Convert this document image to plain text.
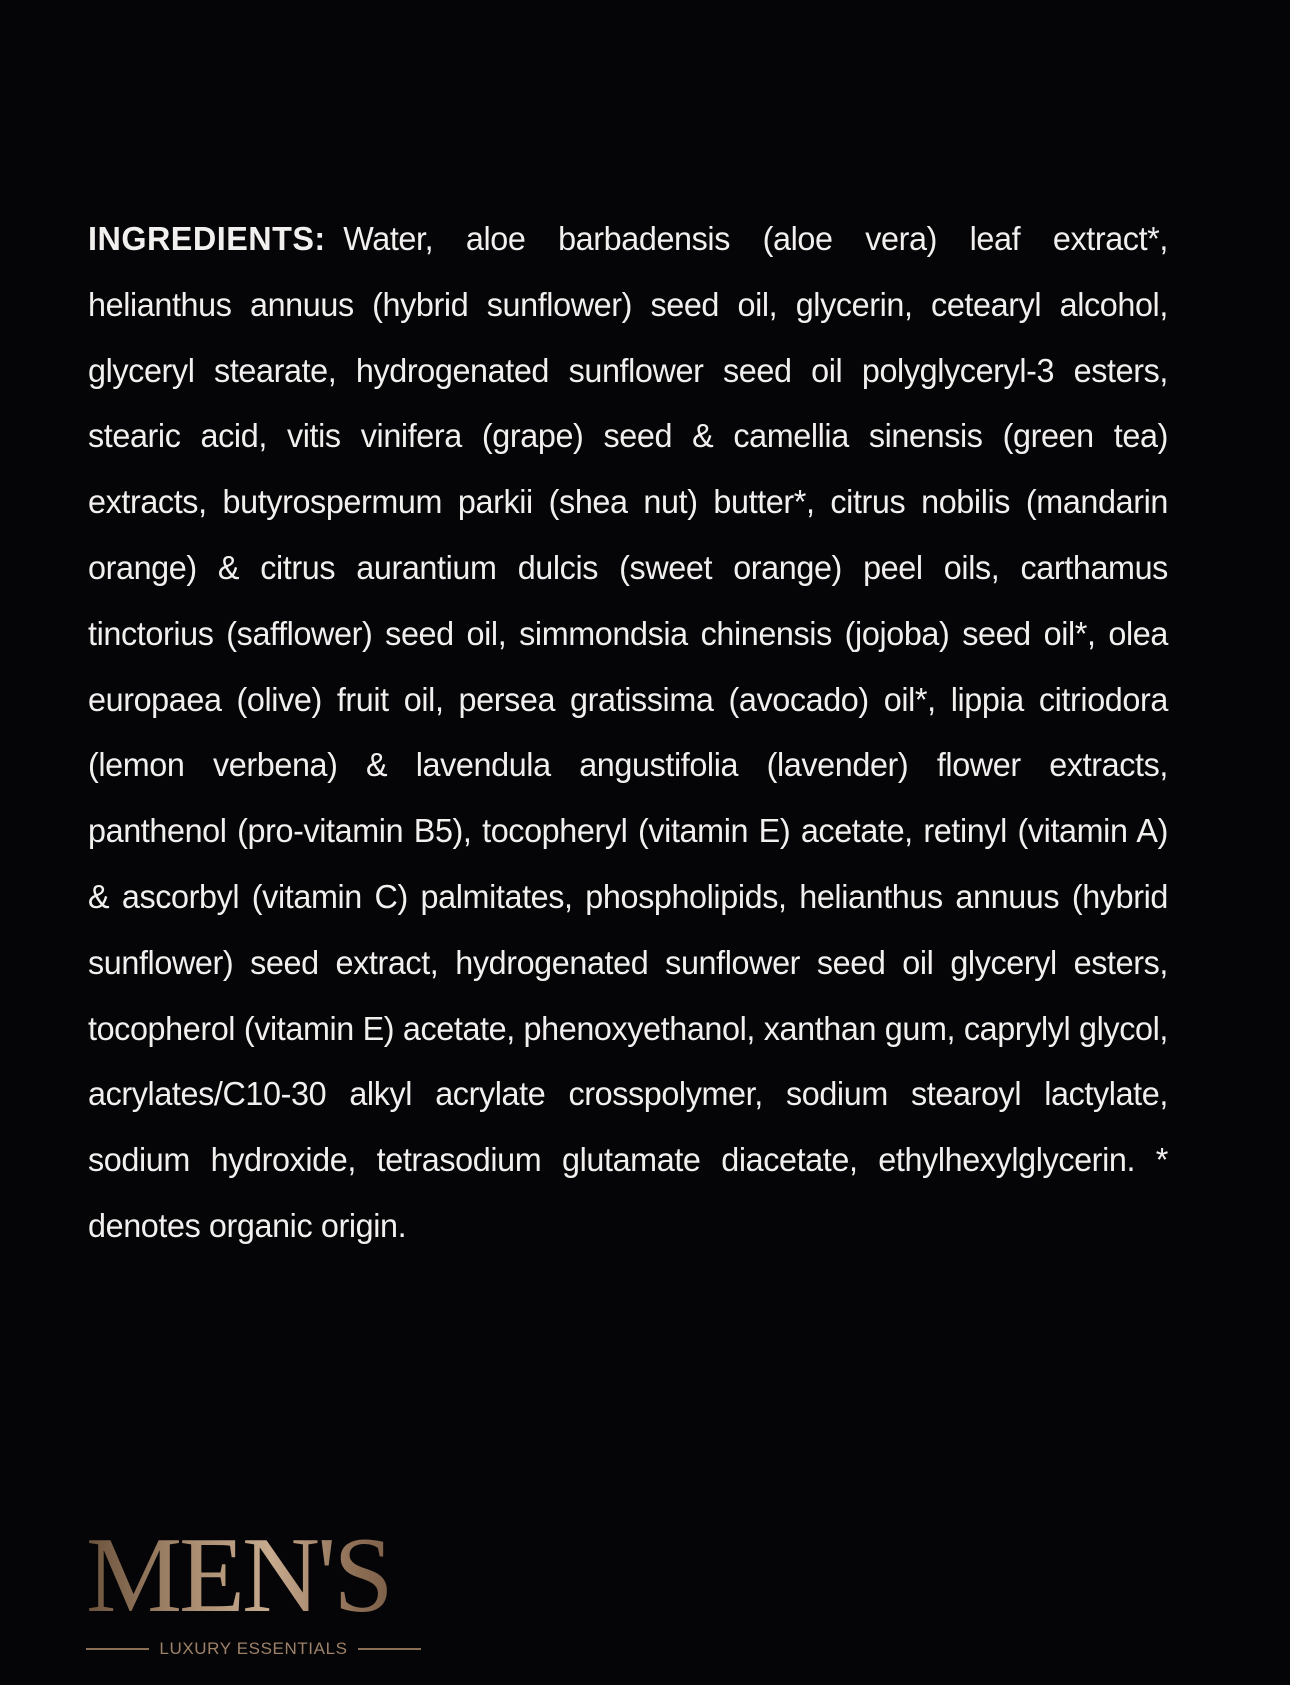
INGREDIENTS: Water, aloe barbadensis (aloe vera) leaf extract*, helianthus annuus (hybrid sunflower) seed oil, glycerin, cetearyl alcohol, glyceryl stearate, hydrogenated sunflower seed oil polyglyceryl-3 esters, stearic acid, vitis vinifera (grape) seed & camellia sinensis (green tea) extracts, butyrospermum parkii (shea nut) butter*, citrus nobilis (mandarin orange) & citrus aurantium dulcis (sweet orange) peel oils, carthamus tinctorius (safflower) seed oil, simmondsia chinensis (jojoba) seed oil*, olea europaea (olive) fruit oil, persea gratissima (avocado) oil*, lippia citriodora (lemon verbena) & lavendula angustifolia (lavender) flower extracts, panthenol (pro-vitamin B5), tocopheryl (vitamin E) acetate, retinyl (vitamin A) & ascorbyl (vitamin C) palmitates, phospholipids, helianthus annuus (hybrid sunflower) seed extract, hydrogenated sunflower seed oil glyceryl esters, tocopherol (vitamin E) acetate, phenoxyethanol, xanthan gum, caprylyl glycol, acrylates/C10-30 alkyl acrylate crosspolymer, sodium stearoyl lactylate, sodium hydroxide, tetrasodium glutamate diacetate, ethylhexylglycerin. * denotes organic origin.

MEN'S
LUXURY ESSENTIALS
